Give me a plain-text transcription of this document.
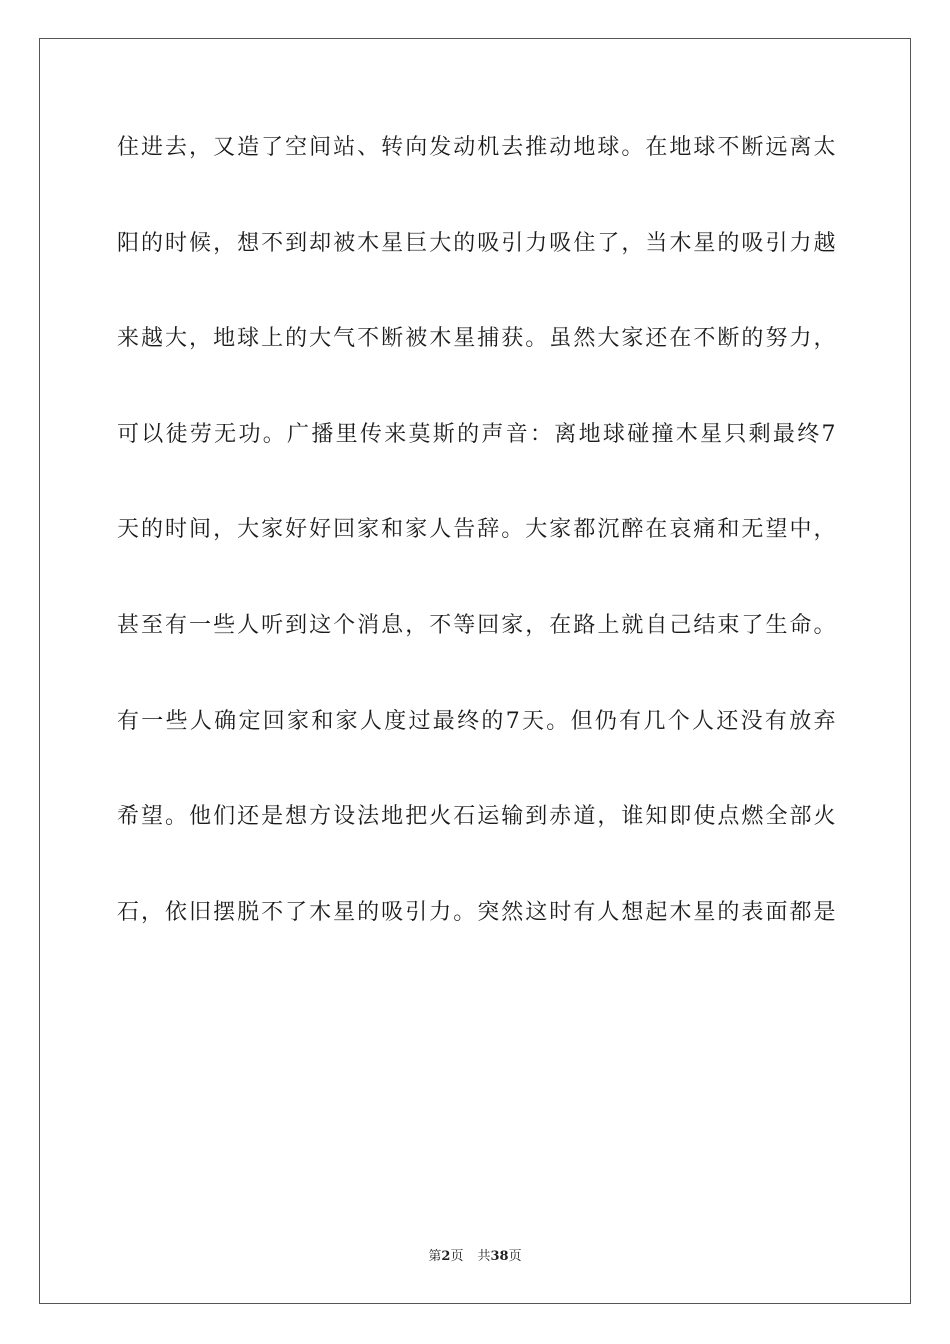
住进去，又造了空间站、转向发动机去推动地球。在地球不断远离太
阳的时候，想不到却被木星巨大的吸引力吸住了，当木星的吸引力越
来越大，地球上的大气不断被木星捕获。虽然大家还在不断的努力，
可以徒劳无功。广播里传来莫斯的声音：离地球碰撞木星只剩最终7
天的时间，大家好好回家和家人告辞。大家都沉醉在哀痛和无望中，
甚至有一些人听到这个消息，不等回家，在路上就自己结束了生命。
有一些人确定回家和家人度过最终的7天。但仍有几个人还没有放弃
希望。他们还是想方设法地把火石运输到赤道，谁知即使点燃全部火
石，依旧摆脱不了木星的吸引力。突然这时有人想起木星的表面都是
第2页 共38页
